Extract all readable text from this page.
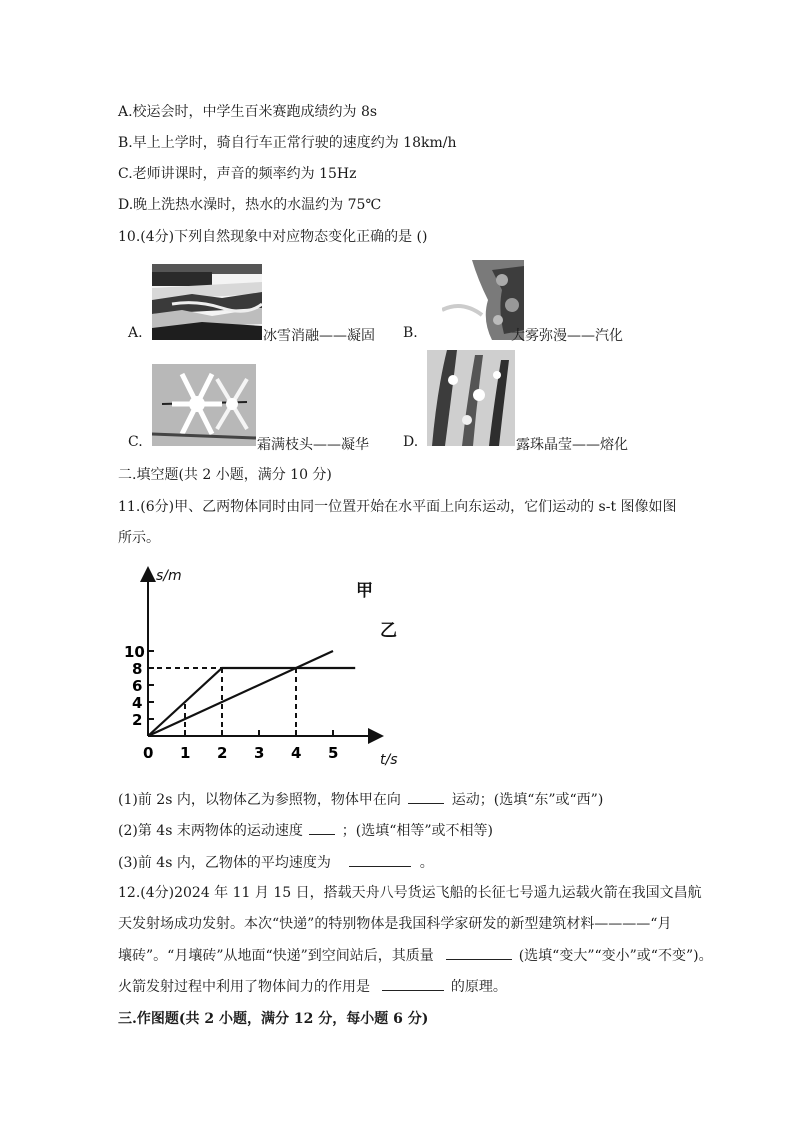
A.校运会时，中学生百米赛跑成绩约为 8s
B.早上上学时，骑自行车正常行驶的速度约为 18km/h
C.老师讲课时，声音的频率约为 15Hz
D.晚上洗热水澡时，热水的水温约为 75℃
10.(4分)下列自然现象中对应物态变化正确的是 ()
A.	冰雪消融——凝固 B.	大雾弥漫——汽化
C.	霜满枝头——凝华 D.	露珠晶莹——熔化
二.填空题(共 2 小题，满分 10 分)
11.(6分)甲、乙两物体同时由同一位置开始在水平面上向东运动，它们运动的 s-t 图像如图
所示。
0 1 2 3 4 5
2
4
6
8
10
t/s
s/m
甲
乙
(1)前 2s 内，以物体乙为参照物，物体甲在向	运动；(选填“东”或“西”)
(2)第 4s 末两物体的运动速度	；(选填“相等”或不相等)
(3)前 4s 内，乙物体的平均速度为	。
12.(4分)2024 年 11 月 15 日，搭载天舟八号货运飞船的长征七号遥九运载火箭在我国文昌航
天发射场成功发射。本次“快递”的特别物体是我国科学家研发的新型建筑材料————“月
壤砖”。“月壤砖”从地面“快递”到空间站后，其质量	(选填“变大”“变小”或“不变”)。
火箭发射过程中利用了物体间力的作用是	的原理。
三.作图题(共 2 小题，满分 12 分，每小题 6 分)
